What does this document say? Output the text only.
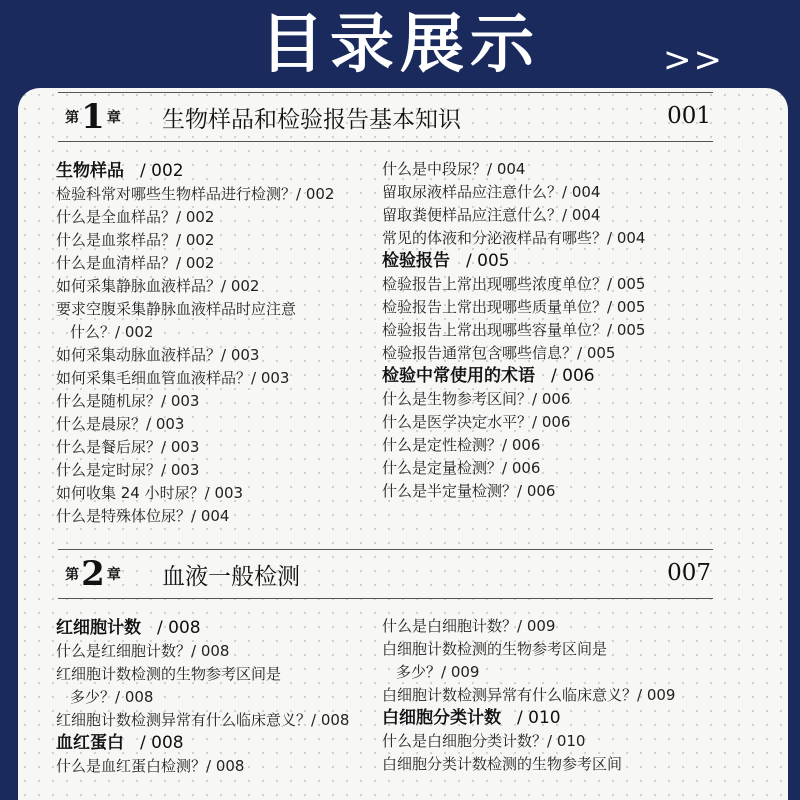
目录展示	>>
第 1 章 生物样品和检验报告基本知识	001
生物样品 / 002
检验科常对哪些生物样品进行检测？/ 002
什么是全血样品？/ 002
什么是血浆样品？/ 002
什么是血清样品？/ 002
如何采集静脉血液样品？/ 002
要求空腹采集静脉血液样品时应注意
什么？/ 002
如何采集动脉血液样品？/ 003
如何采集毛细血管血液样品？/ 003
什么是随机尿？/ 003
什么是晨尿？/ 003
什么是餐后尿？/ 003
什么是定时尿？/ 003
如何收集 24 小时尿？/ 003
什么是特殊体位尿？/ 004
什么是中段尿？/ 004
留取尿液样品应注意什么？/ 004
留取粪便样品应注意什么？/ 004
常见的体液和分泌液样品有哪些？/ 004
检验报告 / 005
检验报告上常出现哪些浓度单位？/ 005
检验报告上常出现哪些质量单位？/ 005
检验报告上常出现哪些容量单位？/ 005
检验报告通常包含哪些信息？/ 005
检验中常使用的术语 / 006
什么是生物参考区间？/ 006
什么是医学决定水平？/ 006
什么是定性检测？/ 006
什么是定量检测？/ 006
什么是半定量检测？/ 006
第 2 章 血液一般检测	007
红细胞计数 / 008
什么是红细胞计数？/ 008
红细胞计数检测的生物参考区间是
多少？/ 008
红细胞计数检测异常有什么临床意义？/ 008
血红蛋白 / 008
什么是血红蛋白检测？/ 008
什么是白细胞计数？/ 009
白细胞计数检测的生物参考区间是
多少？/ 009
白细胞计数检测异常有什么临床意义？/ 009
白细胞分类计数 / 010
什么是白细胞分类计数？/ 010
白细胞分类计数检测的生物参考区间
